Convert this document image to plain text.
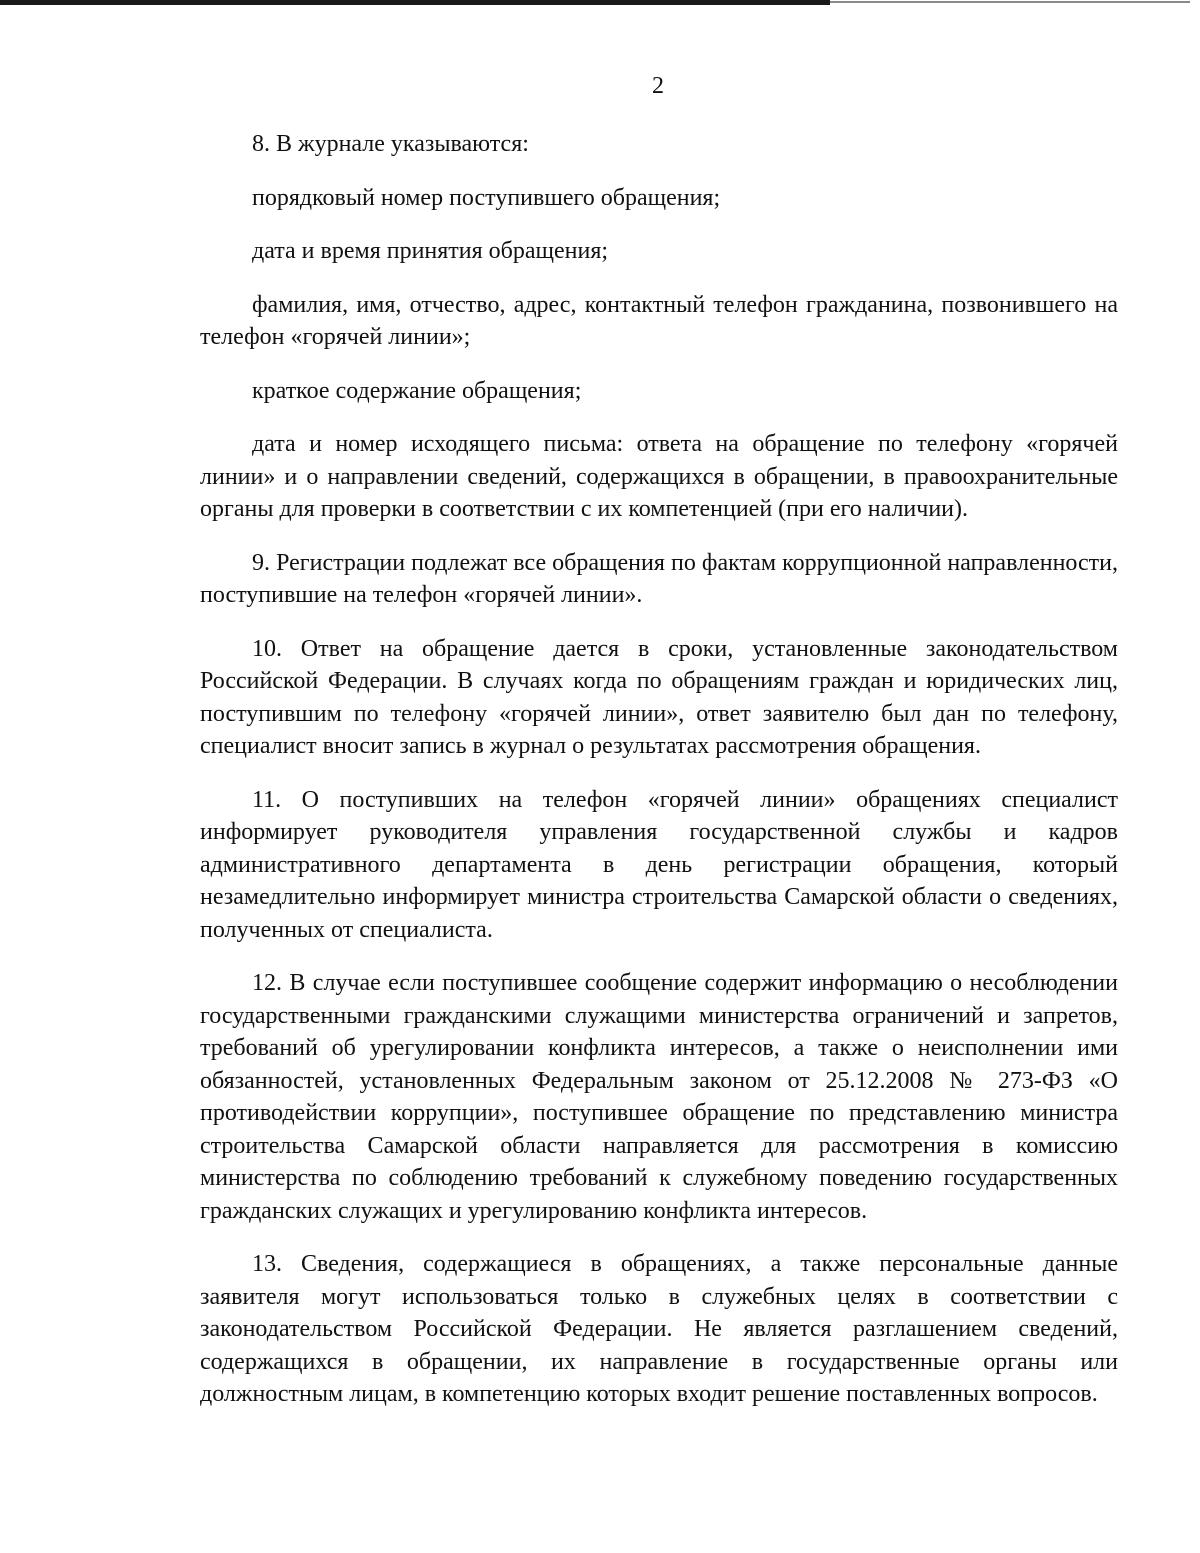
2

8. В журнале указываются:

порядковый номер поступившего обращения;

дата и время принятия обращения;

фамилия, имя, отчество, адрес, контактный телефон гражданина, позвонившего на телефон «горячей линии»;

краткое содержание обращения;

дата и номер исходящего письма: ответа на обращение по телефону «горячей линии» и о направлении сведений, содержащихся в обращении, в правоохранительные органы для проверки в соответствии с их компетенцией (при его наличии).

9. Регистрации подлежат все обращения по фактам коррупционной направленности, поступившие на телефон «горячей линии».

10. Ответ на обращение дается в сроки, установленные законодательством Российской Федерации. В случаях когда по обращениям граждан и юридических лиц, поступившим по телефону «горячей линии», ответ заявителю был дан по телефону, специалист вносит запись в журнал о результатах рассмотрения обращения.

11. О поступивших на телефон «горячей линии» обращениях специалист информирует руководителя управления государственной службы и кадров административного департамента в день регистрации обращения, который незамедлительно информирует министра строительства Самарской области о сведениях, полученных от специалиста.

12. В случае если поступившее сообщение содержит информацию о несоблюдении государственными гражданскими служащими министерства ограничений и запретов, требований об урегулировании конфликта интересов, а также о неисполнении ими обязанностей, установленных Федеральным законом от 25.12.2008 № 273-ФЗ «О противодействии коррупции», поступившее обращение по представлению министра строительства Самарской области направляется для рассмотрения в комиссию министерства по соблюдению требований к служебному поведению государственных гражданских служащих и урегулированию конфликта интересов.

13. Сведения, содержащиеся в обращениях, а также персональные данные заявителя могут использоваться только в служебных целях в соответствии с законодательством Российской Федерации. Не является разглашением сведений, содержащихся в обращении, их направление в государственные органы или должностным лицам, в компетенцию которых входит решение поставленных вопросов.
